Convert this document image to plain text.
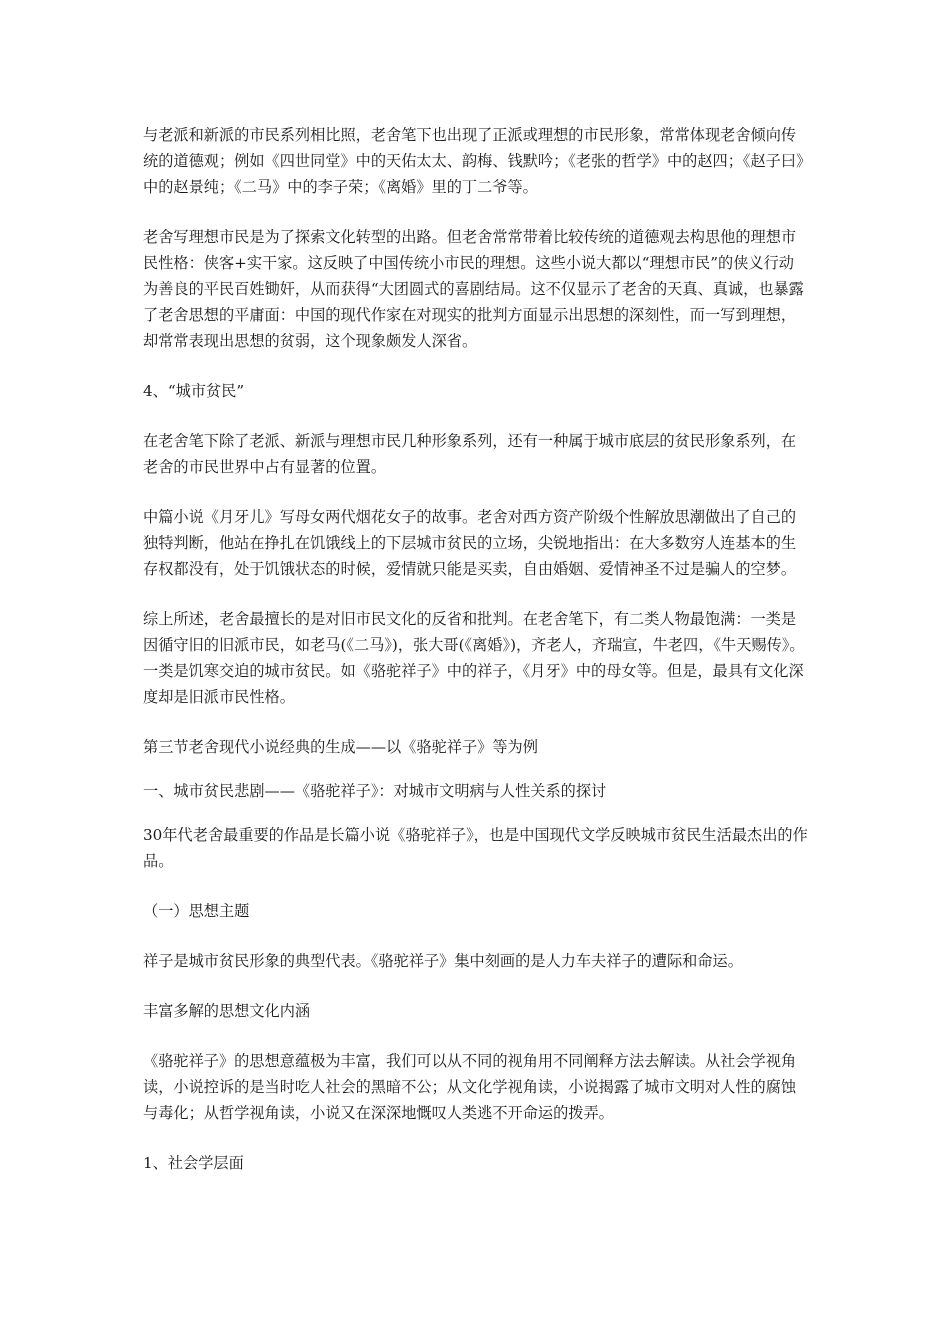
与老派和新派的市民系列相比照，老舍笔下也出现了正派或理想的市民形象，常常体现老舍倾向传统的道德观；例如《四世同堂》中的天佑太太、韵梅、钱默吟；《老张的哲学》中的赵四；《赵子曰》中的赵景纯；《二马》中的李子荣；《离婚》里的丁二爷等。

老舍写理想市民是为了探索文化转型的出路。但老舍常常带着比较传统的道德观去构思他的理想市民性格：侠客+实干家。这反映了中国传统小市民的理想。这些小说大都以“理想市民”的侠义行动为善良的平民百姓锄奸，从而获得“大团圆式的喜剧结局。这不仅显示了老舍的天真、真诚，也暴露了老舍思想的平庸面：中国的现代作家在对现实的批判方面显示出思想的深刻性，而一写到理想，却常常表现出思想的贫弱，这个现象颇发人深省。

4、“城市贫民”

在老舍笔下除了老派、新派与理想市民几种形象系列，还有一种属于城市底层的贫民形象系列，在老舍的市民世界中占有显著的位置。

中篇小说《月牙儿》写母女两代烟花女子的故事。老舍对西方资产阶级个性解放思潮做出了自己的独特判断，他站在挣扎在饥饿线上的下层城市贫民的立场，尖锐地指出：在大多数穷人连基本的生存权都没有，处于饥饿状态的时候，爱情就只能是买卖，自由婚姻、爱情神圣不过是骗人的空梦。

综上所述，老舍最擅长的是对旧市民文化的反省和批判。在老舍笔下，有二类人物最饱满：一类是因循守旧的旧派市民，如老马(《二马》)，张大哥(《离婚》)，齐老人，齐瑞宣，牛老四，《牛天赐传》。一类是饥寒交迫的城市贫民。如《骆驼祥子》中的祥子，《月牙》中的母女等。但是，最具有文化深度却是旧派市民性格。

第三节老舍现代小说经典的生成——以《骆驼祥子》等为例

一、城市贫民悲剧——《骆驼祥子》：对城市文明病与人性关系的探讨

30年代老舍最重要的作品是长篇小说《骆驼祥子》，也是中国现代文学反映城市贫民生活最杰出的作品。

（一）思想主题

祥子是城市贫民形象的典型代表。《骆驼祥子》集中刻画的是人力车夫祥子的遭际和命运。

丰富多解的思想文化内涵

《骆驼祥子》的思想意蕴极为丰富，我们可以从不同的视角用不同阐释方法去解读。从社会学视角读，小说控诉的是当时吃人社会的黑暗不公；从文化学视角读，小说揭露了城市文明对人性的腐蚀与毒化；从哲学视角读，小说又在深深地慨叹人类逃不开命运的拨弄。

1、社会学层面
